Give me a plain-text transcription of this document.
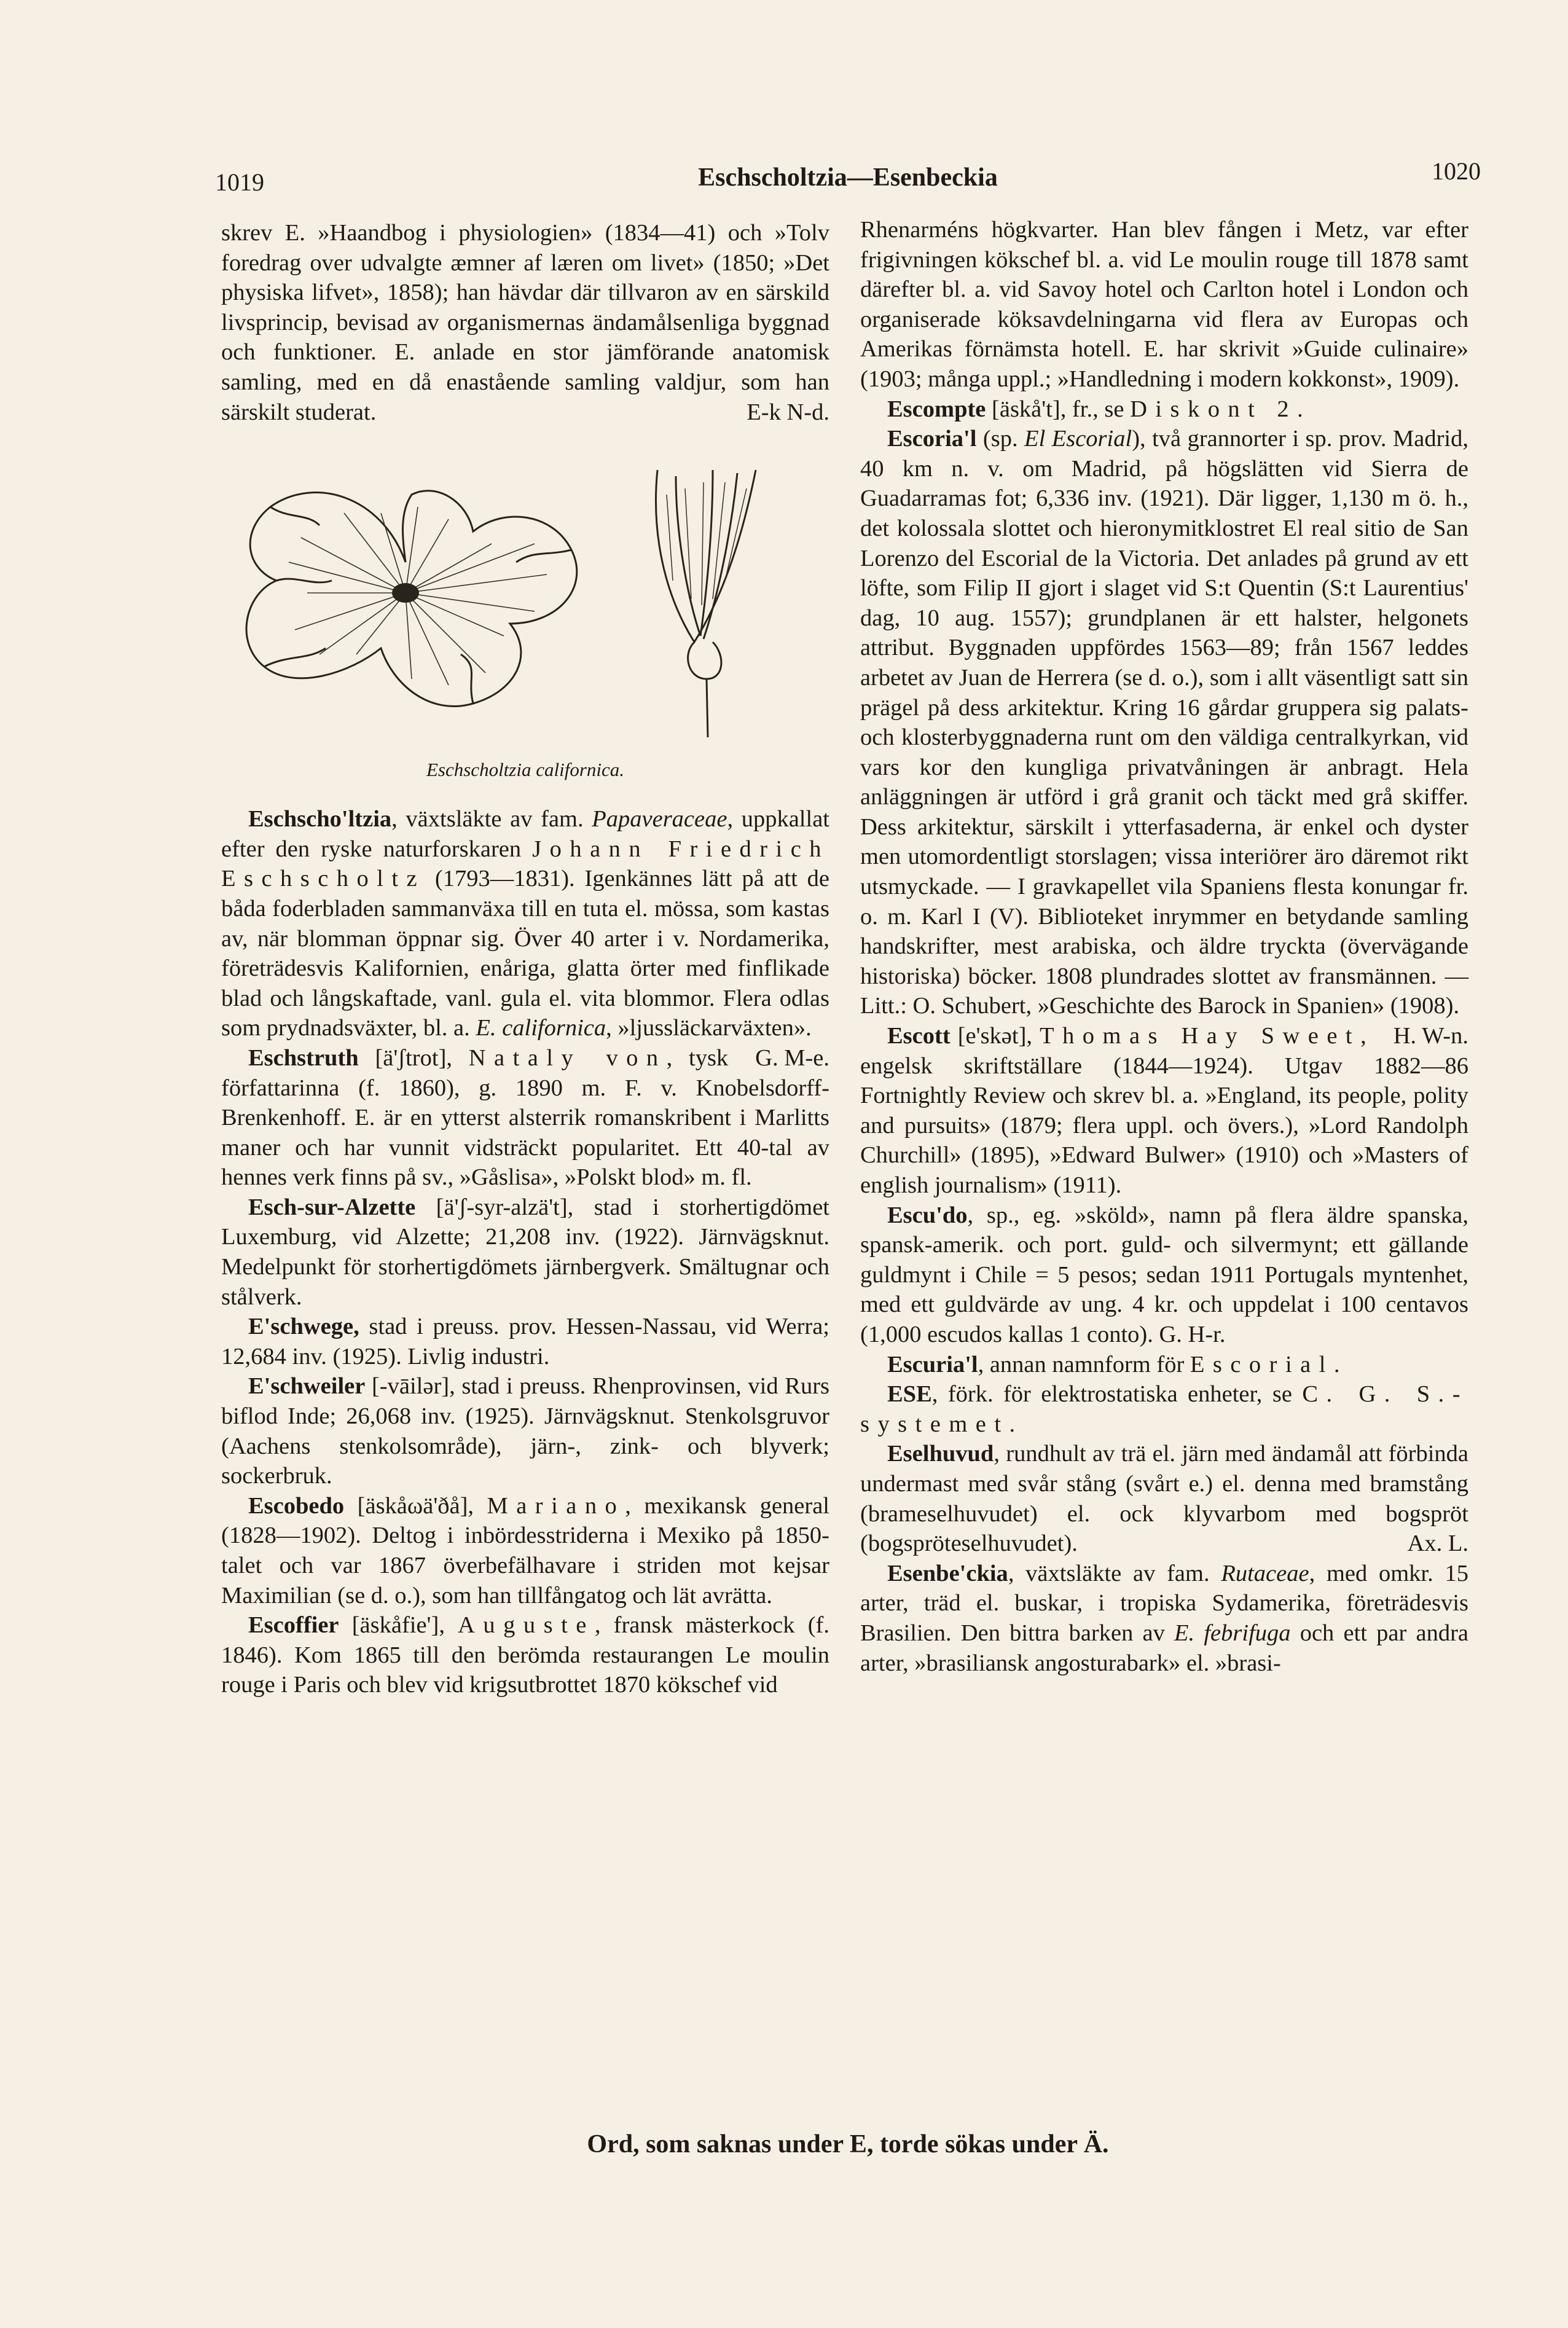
1019	Eschscholtzia—Esenbeckia	1020

skrev E. »Haandbog i physiologien» (1834—41) och »Tolv foredrag over udvalgte æmner af læren om livet» (1850; »Det physiska lifvet», 1858); han hävdar där tillvaron av en särskild livsprincip, bevisad av organismernas ändamålsenliga byggnad och funktioner. E. anlade en stor jämförande anatomisk samling, med en då enastående samling valdjur, som han särskilt studerat.	E-k N-d.

Eschscholtzia californica.

Eschscho'ltzia, växtsläkte av fam. Papaveraceae, uppkallat efter den ryske naturforskaren Johann Friedrich Eschscholtz (1793—1831). Igenkännes lätt på att de båda foderbladen sammanväxa till en tuta el. mössa, som kastas av, när blomman öppnar sig. Över 40 arter i v. Nordamerika, företrädesvis Kalifornien, enåriga, glatta örter med finflikade blad och långskaftade, vanl. gula el. vita blommor. Flera odlas som prydnadsväxter, bl. a. E. californica, »ljussläckarväxten».
G. M-e.

Eschstruth [ä'ʃtrot], Nataly von, tysk författarinna (f. 1860), g. 1890 m. F. v. Knobelsdorff-Brenkenhoff. E. är en ytterst alsterrik romanskribent i Marlitts maner och har vunnit vidsträckt popularitet. Ett 40-tal av hennes verk finns på sv., »Gåslisa», »Polskt blod» m. fl.

Esch-sur-Alzette [ä'ʃ-syr-alzä't], stad i storhertigdömet Luxemburg, vid Alzette; 21,208 inv. (1922). Järnvägsknut. Medelpunkt för storhertigdömets järnbergverk. Smältugnar och stålverk.

E'schwege, stad i preuss. prov. Hessen-Nassau, vid Werra; 12,684 inv. (1925). Livlig industri.

E'schweiler [-vāilər], stad i preuss. Rhenprovinsen, vid Rurs biflod Inde; 26,068 inv. (1925). Järnvägsknut. Stenkolsgruvor (Aachens stenkolsområde), järn-, zink- och blyverk; sockerbruk.

Escobedo [äskåωä'ðå], Mariano, mexikansk general (1828—1902). Deltog i inbördesstriderna i Mexiko på 1850-talet och var 1867 överbefälhavare i striden mot kejsar Maximilian (se d. o.), som han tillfångatog och lät avrätta.

Escoffier [äskåfie'], Auguste, fransk mästerkock (f. 1846). Kom 1865 till den berömda restaurangen Le moulin rouge i Paris och blev vid krigsutbrottet 1870 kökschef vid

Rhenarméns högkvarter. Han blev fången i Metz, var efter frigivningen kökschef bl. a. vid Le moulin rouge till 1878 samt därefter bl. a. vid Savoy hotel och Carlton hotel i London och organiserade köksavdelningarna vid flera av Europas och Amerikas förnämsta hotell. E. har skrivit »Guide culinaire» (1903; många uppl.; »Handledning i modern kokkonst», 1909).

Escompte [äskå't], fr., se Diskont 2.

Escoria'l (sp. El Escorial), två grannorter i sp. prov. Madrid, 40 km n. v. om Madrid, på högslätten vid Sierra de Guadarramas fot; 6,336 inv. (1921). Där ligger, 1,130 m ö. h., det kolossala slottet och hieronymitklostret El real sitio de San Lorenzo del Escorial de la Victoria. Det anlades på grund av ett löfte, som Filip II gjort i slaget vid S:t Quentin (S:t Laurentius' dag, 10 aug. 1557); grundplanen är ett halster, helgonets attribut. Byggnaden uppfördes 1563—89; från 1567 leddes arbetet av Juan de Herrera (se d. o.), som i allt väsentligt satt sin prägel på dess arkitektur. Kring 16 gårdar gruppera sig palats- och klosterbyggnaderna runt om den väldiga centralkyrkan, vid vars kor den kungliga privatvåningen är anbragt. Hela anläggningen är utförd i grå granit och täckt med grå skiffer. Dess arkitektur, särskilt i ytterfasaderna, är enkel och dyster men utomordentligt storslagen; vissa interiörer äro däremot rikt utsmyckade. — I gravkapellet vila Spaniens flesta konungar fr. o. m. Karl I (V). Biblioteket inrymmer en betydande samling handskrifter, mest arabiska, och äldre tryckta (övervägande historiska) böcker. 1808 plundrades slottet av fransmännen. — Litt.: O. Schubert, »Geschichte des Barock in Spanien» (1908).
H. W-n.

Escott [e'skət], Thomas Hay Sweet, engelsk skriftställare (1844—1924). Utgav 1882—86 Fortnightly Review och skrev bl. a. »England, its people, polity and pursuits» (1879; flera uppl. och övers.), »Lord Randolph Churchill» (1895), »Edward Bulwer» (1910) och »Masters of english journalism» (1911).

Escu'do, sp., eg. »sköld», namn på flera äldre spanska, spansk-amerik. och port. guld- och silvermynt; ett gällande guldmynt i Chile = 5 pesos; sedan 1911 Portugals myntenhet, med ett guldvärde av ung. 4 kr. och uppdelat i 100 centavos (1,000 escudos kallas 1 conto). G. H-r.

Escuria'l, annan namnform för Escorial.

ESE, förk. för elektrostatiska enheter, se C. G. S.-systemet.

Eselhuvud, rundhult av trä el. järn med ändamål att förbinda undermast med svår stång (svårt e.) el. denna med bramstång (brameselhuvudet) el. ock klyvarbom med bogspröt (bogspröteselhuvudet).	Ax. L.

Esenbe'ckia, växtsläkte av fam. Rutaceae, med omkr. 15 arter, träd el. buskar, i tropiska Sydamerika, företrädesvis Brasilien. Den bittra barken av E. febrifuga och ett par andra arter, »brasiliansk angosturabark» el. »brasi-

Ord, som saknas under E, torde sökas under Ä.
